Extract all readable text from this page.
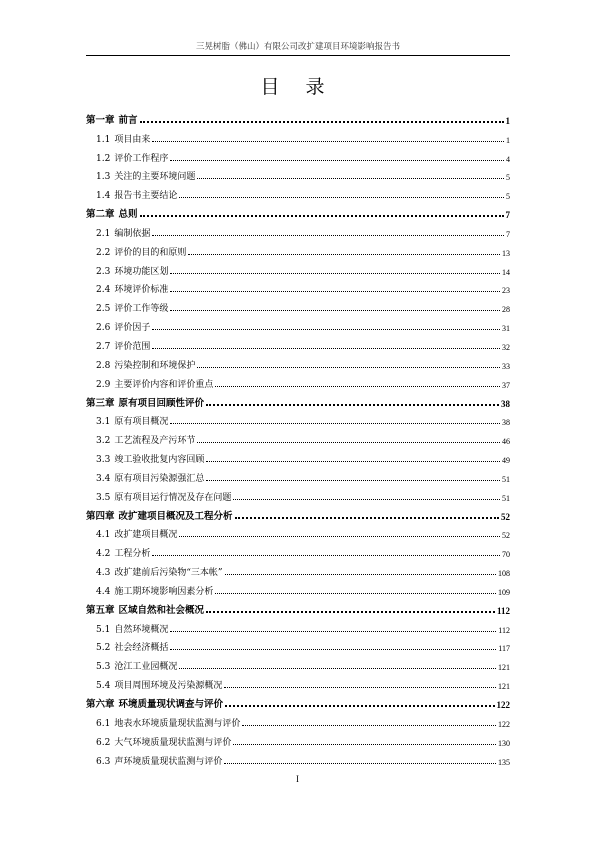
三晃树脂（佛山）有限公司改扩建项目环境影响报告书
目 录
第一章 前言	1
1.1 项目由来	1
1.2 评价工作程序	4
1.3 关注的主要环境问题	5
1.4 报告书主要结论	5
第二章 总则	7
2.1 编制依据	7
2.2 评价的目的和原则	13
2.3 环境功能区划	14
2.4 环境评价标准	23
2.5 评价工作等级	28
2.6 评价因子	31
2.7 评价范围	32
2.8 污染控制和环境保护	33
2.9 主要评价内容和评价重点	37
第三章 原有项目回顾性评价	38
3.1 原有项目概况	38
3.2 工艺流程及产污环节	46
3.3 竣工验收批复内容回顾	49
3.4 原有项目污染源强汇总	51
3.5 原有项目运行情况及存在问题	51
第四章 改扩建项目概况及工程分析	52
4.1 改扩建项目概况	52
4.2 工程分析	70
4.3 改扩建前后污染物“三本帐”	108
4.4 施工期环境影响因素分析	109
第五章 区域自然和社会概况	112
5.1 自然环境概况	112
5.2 社会经济概括	117
5.3 沧江工业园概况	121
5.4 项目周围环境及污染源概况	121
第六章 环境质量现状调查与评价	122
6.1 地表水环境质量现状监测与评价	122
6.2 大气环境质量现状监测与评价	130
6.3 声环境质量现状监测与评价	135
I
